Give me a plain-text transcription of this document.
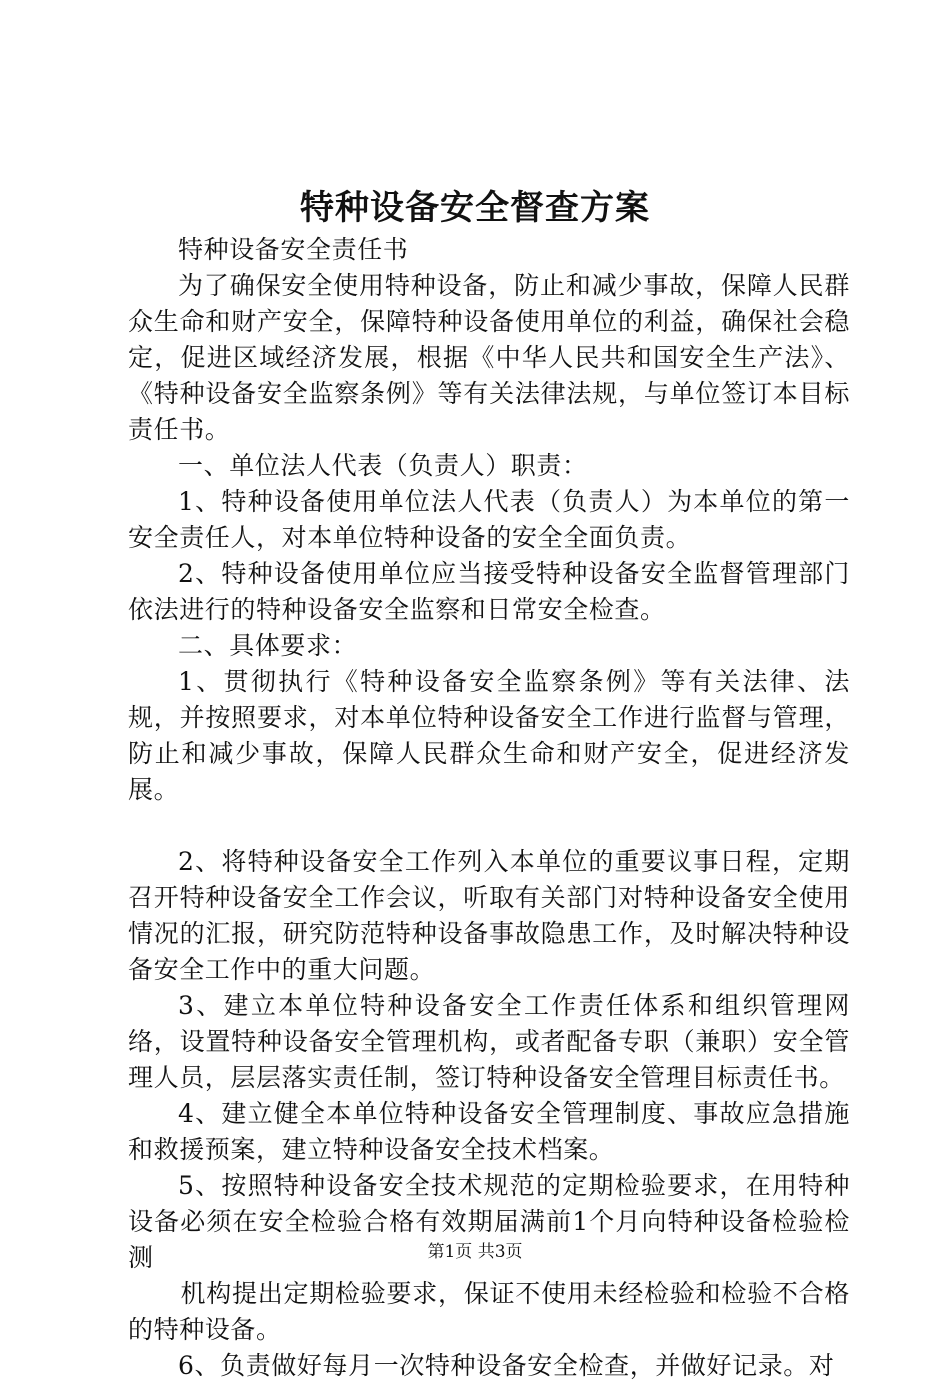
特种设备安全督查方案

特种设备安全责任书

为了确保安全使用特种设备，防止和减少事故，保障人民群众生命和财产安全，保障特种设备使用单位的利益，确保社会稳定，促进区域经济发展，根据《中华人民共和国安全生产法》、《特种设备安全监察条例》等有关法律法规，与单位签订本目标责任书。

一、单位法人代表（负责人）职责：

1、特种设备使用单位法人代表（负责人）为本单位的第一安全责任人，对本单位特种设备的安全全面负责。

2、特种设备使用单位应当接受特种设备安全监督管理部门依法进行的特种设备安全监察和日常安全检查。

二、具体要求：

1、贯彻执行《特种设备安全监察条例》等有关法律、法规，并按照要求，对本单位特种设备安全工作进行监督与管理，防止和减少事故，保障人民群众生命和财产安全，促进经济发展。

2、将特种设备安全工作列入本单位的重要议事日程，定期召开特种设备安全工作会议，听取有关部门对特种设备安全使用情况的汇报，研究防范特种设备事故隐患工作，及时解决特种设备安全工作中的重大问题。

3、建立本单位特种设备安全工作责任体系和组织管理网络，设置特种设备安全管理机构，或者配备专职（兼职）安全管理人员，层层落实责任制，签订特种设备安全管理目标责任书。

4、建立健全本单位特种设备安全管理制度、事故应急措施和救援预案，建立特种设备安全技术档案。

5、按照特种设备安全技术规范的定期检验要求，在用特种设备必须在安全检验合格有效期届满前1个月向特种设备检验检测

机构提出定期检验要求，保证不使用未经检验和检验不合格的特种设备。

6、负责做好每月一次特种设备安全检查，并做好记录。对

第1页 共3页
